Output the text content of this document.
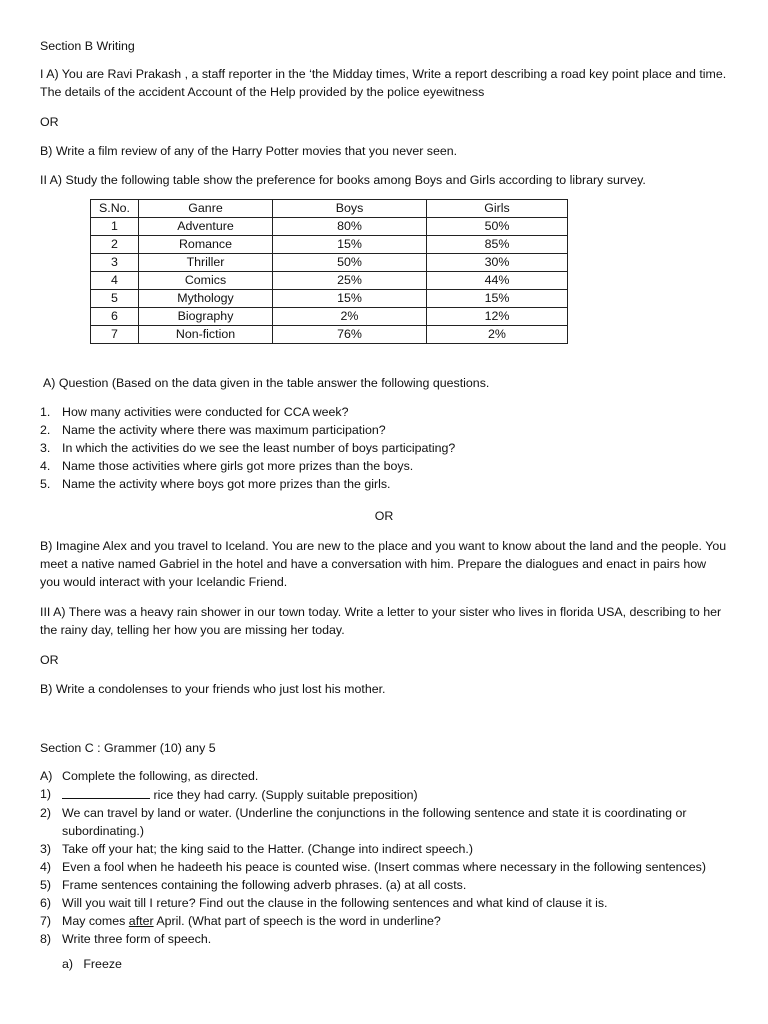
Section B Writing

I A) You are Ravi Prakash , a staff reporter in the ‘the Midday times, Write a report describing a road key point place and time. The details of the accident Account of the Help provided by the police eyewitness

OR

B) Write a film review of any of the Harry Potter movies that you never seen.

II A) Study the following table show the preference for books among Boys and Girls according to library survey.

S.No.	Ganre	Boys	Girls
1	Adventure	80%	50%
2	Romance	15%	85%
3	Thriller	50%	30%
4	Comics	25%	44%
5	Mythology	15%	15%
6	Biography	2%	12%
7	Non-fiction	76%	2%

A) Question (Based on the data given in the table answer the following questions.

1. How many activities were conducted for CCA week?
2. Name the activity where there was maximum participation?
3. In which the activities do we see the least number of boys participating?
4. Name those activities where girls got more prizes than the boys.
5. Name the activity where boys got more prizes than the girls.

OR

B) Imagine Alex and you travel to Iceland. You are new to the place and you want to know about the land and the people. You meet a native named Gabriel in the hotel and have a conversation with him. Prepare the dialogues and enact in pairs how you would interact with your Icelandic Friend.

III A) There was a heavy rain shower in our town today. Write a letter to your sister who lives in florida USA, describing to her the rainy day, telling her how you are missing her today.

OR

B) Write a condolenses to your friends who just lost his mother.

Section C : Grammer (10) any 5

A) Complete the following, as directed.
1)	rice they had carry. (Supply suitable preposition)
2) We can travel by land or water. (Underline the conjunctions in the following sentence and state it is coordinating or subordinating.)
3) Take off your hat; the king said to the Hatter. (Change into indirect speech.)
4) Even a fool when he hadeeth his peace is counted wise. (Insert commas where necessary in the following sentences)
5) Frame sentences containing the following adverb phrases. (a) at all costs.
6) Will you wait till I reture? Find out the clause in the following sentences and what kind of clause it is.
7) May comes after April. (What part of speech is the word in underline?
8) Write three form of speech.

a) Freeze
